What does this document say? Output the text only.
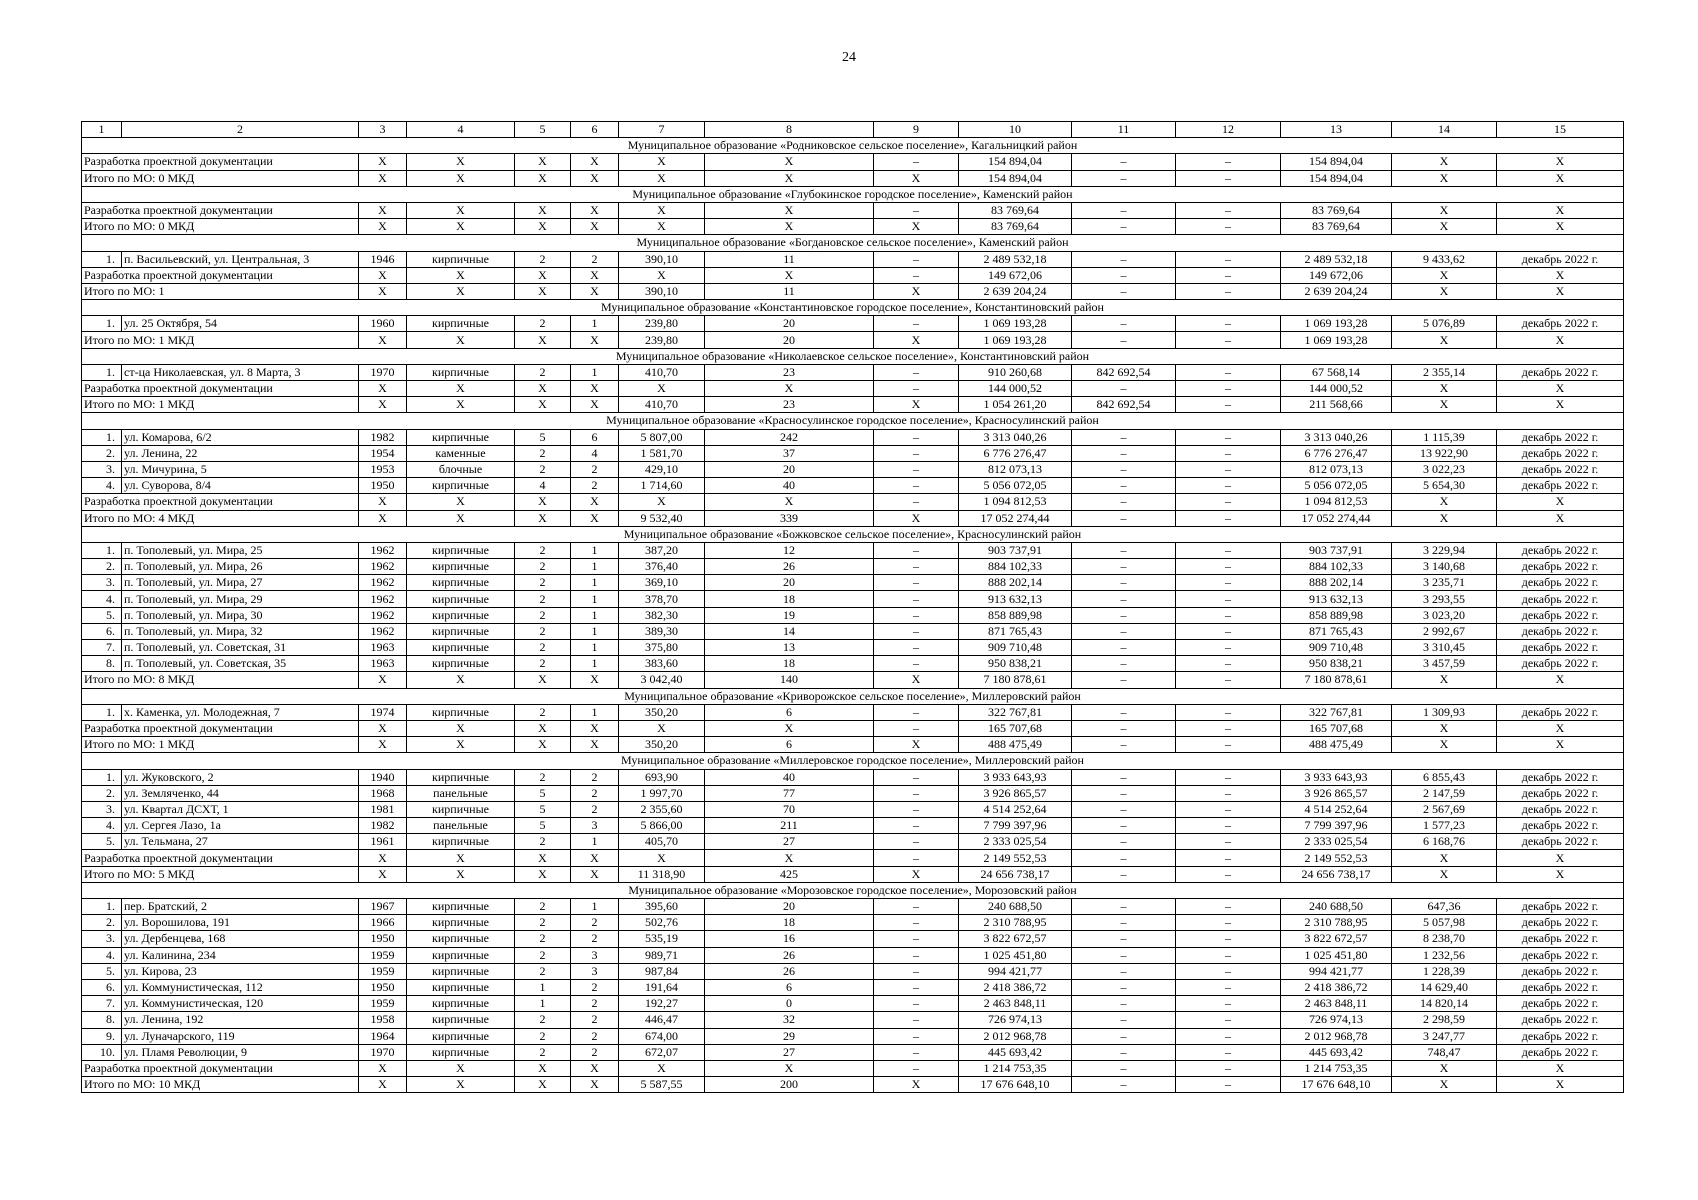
24
1	2	3	4	5	6	7	8	9	10	11	12	13	14	15
Муниципальное образование «Родниковское сельское поселение», Кагальницкий район														
Разработка проектной документации		X	X	X	X	X	X	–	154 894,04	–	–	154 894,04	X	X
Итого по МО: 0 МКД		X	X	X	X	X	X	X	154 894,04	–	–	154 894,04	X	X
Муниципальное образование «Глубокинское городское поселение», Каменский район														
Разработка проектной документации		X	X	X	X	X	X	–	83 769,64	–	–	83 769,64	X	X
Итого по МО: 0 МКД		X	X	X	X	X	X	X	83 769,64	–	–	83 769,64	X	X
Муниципальное образование «Богдановское сельское поселение», Каменский район														
1.	п. Васильевский, ул. Центральная, 3	1946	кирпичные	2	2	390,10	11	–	2 489 532,18	–	–	2 489 532,18	9 433,62	декабрь 2022 г.
Разработка проектной документации		X	X	X	X	X	X	–	149 672,06	–	–	149 672,06	X	X
Итого по МО: 1		X	X	X	X	390,10	11	X	2 639 204,24	–	–	2 639 204,24	X	X
Муниципальное образование «Константиновское городское поселение», Константиновский район														
1.	ул. 25 Октября, 54	1960	кирпичные	2	1	239,80	20	–	1 069 193,28	–	–	1 069 193,28	5 076,89	декабрь 2022 г.
Итого по МО: 1 МКД		X	X	X	X	239,80	20	X	1 069 193,28	–	–	1 069 193,28	X	X
Муниципальное образование «Николаевское сельское поселение», Константиновский район														
1.	ст-ца Николаевская, ул. 8 Марта, 3	1970	кирпичные	2	1	410,70	23	–	910 260,68	842 692,54	–	67 568,14	2 355,14	декабрь 2022 г.
Разработка проектной документации		X	X	X	X	X	X	–	144 000,52	–	–	144 000,52	X	X
Итого по МО: 1 МКД		X	X	X	X	410,70	23	X	1 054 261,20	842 692,54	–	211 568,66	X	X
Муниципальное образование «Красносулинское городское поселение», Красносулинский район														
1.	ул. Комарова, 6/2	1982	кирпичные	5	6	5 807,00	242	–	3 313 040,26	–	–	3 313 040,26	1 115,39	декабрь 2022 г.
2.	ул. Ленина, 22	1954	каменные	2	4	1 581,70	37	–	6 776 276,47	–	–	6 776 276,47	13 922,90	декабрь 2022 г.
3.	ул. Мичурина, 5	1953	блочные	2	2	429,10	20	–	812 073,13	–	–	812 073,13	3 022,23	декабрь 2022 г.
4.	ул. Суворова, 8/4	1950	кирпичные	4	2	1 714,60	40	–	5 056 072,05	–	–	5 056 072,05	5 654,30	декабрь 2022 г.
Разработка проектной документации		X	X	X	X	X	X	–	1 094 812,53	–	–	1 094 812,53	X	X
Итого по МО: 4 МКД		X	X	X	X	9 532,40	339	X	17 052 274,44	–	–	17 052 274,44	X	X
Муниципальное образование «Божковское сельское поселение», Красносулинский район														
1.	п. Тополевый, ул. Мира, 25	1962	кирпичные	2	1	387,20	12	–	903 737,91	–	–	903 737,91	3 229,94	декабрь 2022 г.
2.	п. Тополевый, ул. Мира, 26	1962	кирпичные	2	1	376,40	26	–	884 102,33	–	–	884 102,33	3 140,68	декабрь 2022 г.
3.	п. Тополевый, ул. Мира, 27	1962	кирпичные	2	1	369,10	20	–	888 202,14	–	–	888 202,14	3 235,71	декабрь 2022 г.
4.	п. Тополевый, ул. Мира, 29	1962	кирпичные	2	1	378,70	18	–	913 632,13	–	–	913 632,13	3 293,55	декабрь 2022 г.
5.	п. Тополевый, ул. Мира, 30	1962	кирпичные	2	1	382,30	19	–	858 889,98	–	–	858 889,98	3 023,20	декабрь 2022 г.
6.	п. Тополевый, ул. Мира, 32	1962	кирпичные	2	1	389,30	14	–	871 765,43	–	–	871 765,43	2 992,67	декабрь 2022 г.
7.	п. Тополевый, ул. Советская, 31	1963	кирпичные	2	1	375,80	13	–	909 710,48	–	–	909 710,48	3 310,45	декабрь 2022 г.
8.	п. Тополевый, ул. Советская, 35	1963	кирпичные	2	1	383,60	18	–	950 838,21	–	–	950 838,21	3 457,59	декабрь 2022 г.
Итого по МО: 8 МКД		X	X	X	X	3 042,40	140	X	7 180 878,61	–	–	7 180 878,61	X	X
Муниципальное образование «Криворожское сельское поселение», Миллеровский район														
1.	х. Каменка, ул. Молодежная, 7	1974	кирпичные	2	1	350,20	6	–	322 767,81	–	–	322 767,81	1 309,93	декабрь 2022 г.
Разработка проектной документации		X	X	X	X	X	X	–	165 707,68	–	–	165 707,68	X	X
Итого по МО: 1 МКД		X	X	X	X	350,20	6	X	488 475,49	–	–	488 475,49	X	X
Муниципальное образование «Миллеровское городское поселение», Миллеровский район														
1.	ул. Жуковского, 2	1940	кирпичные	2	2	693,90	40	–	3 933 643,93	–	–	3 933 643,93	6 855,43	декабрь 2022 г.
2.	ул. Земляченко, 44	1968	панельные	5	2	1 997,70	77	–	3 926 865,57	–	–	3 926 865,57	2 147,59	декабрь 2022 г.
3.	ул. Квартал ДСХТ, 1	1981	кирпичные	5	2	2 355,60	70	–	4 514 252,64	–	–	4 514 252,64	2 567,69	декабрь 2022 г.
4.	ул. Сергея Лазо, 1а	1982	панельные	5	3	5 866,00	211	–	7 799 397,96	–	–	7 799 397,96	1 577,23	декабрь 2022 г.
5.	ул. Тельмана, 27	1961	кирпичные	2	1	405,70	27	–	2 333 025,54	–	–	2 333 025,54	6 168,76	декабрь 2022 г.
Разработка проектной документации		X	X	X	X	X	X	–	2 149 552,53	–	–	2 149 552,53	X	X
Итого по МО: 5 МКД		X	X	X	X	11 318,90	425	X	24 656 738,17	–	–	24 656 738,17	X	X
Муниципальное образование «Морозовское городское поселение», Морозовский район														
1.	пер. Братский, 2	1967	кирпичные	2	1	395,60	20	–	240 688,50	–	–	240 688,50	647,36	декабрь 2022 г.
2.	ул. Ворошилова, 191	1966	кирпичные	2	2	502,76	18	–	2 310 788,95	–	–	2 310 788,95	5 057,98	декабрь 2022 г.
3.	ул. Дербенцева, 168	1950	кирпичные	2	2	535,19	16	–	3 822 672,57	–	–	3 822 672,57	8 238,70	декабрь 2022 г.
4.	ул. Калинина, 234	1959	кирпичные	2	3	989,71	26	–	1 025 451,80	–	–	1 025 451,80	1 232,56	декабрь 2022 г.
5.	ул. Кирова, 23	1959	кирпичные	2	3	987,84	26	–	994 421,77	–	–	994 421,77	1 228,39	декабрь 2022 г.
6.	ул. Коммунистическая, 112	1950	кирпичные	1	2	191,64	6	–	2 418 386,72	–	–	2 418 386,72	14 629,40	декабрь 2022 г.
7.	ул. Коммунистическая, 120	1959	кирпичные	1	2	192,27	0	–	2 463 848,11	–	–	2 463 848,11	14 820,14	декабрь 2022 г.
8.	ул. Ленина, 192	1958	кирпичные	2	2	446,47	32	–	726 974,13	–	–	726 974,13	2 298,59	декабрь 2022 г.
9.	ул. Луначарского, 119	1964	кирпичные	2	2	674,00	29	–	2 012 968,78	–	–	2 012 968,78	3 247,77	декабрь 2022 г.
10.	ул. Пламя Революции, 9	1970	кирпичные	2	2	672,07	27	–	445 693,42	–	–	445 693,42	748,47	декабрь 2022 г.
Разработка проектной документации		X	X	X	X	X	X	–	1 214 753,35	–	–	1 214 753,35	X	X
Итого по МО: 10 МКД		X	X	X	X	5 587,55	200	X	17 676 648,10	–	–	17 676 648,10	X	X
